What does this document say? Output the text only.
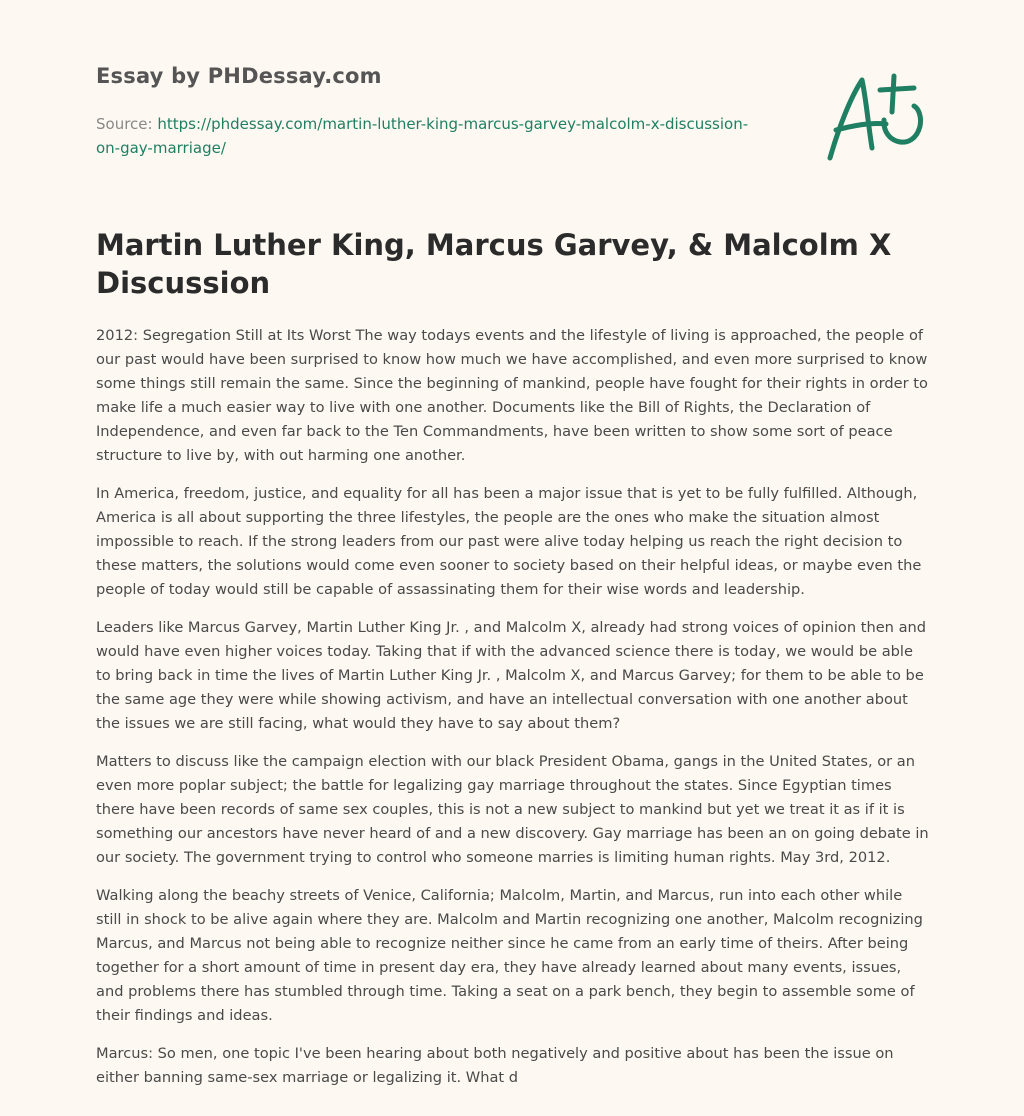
Essay by PHDessay.com
Source: https://phdessay.com/martin-luther-king-marcus-garvey-malcolm-x-discussion-
on-gay-marriage/
Martin Luther King, Marcus Garvey, & Malcolm X Discussion

2012: Segregation Still at Its Worst The way todays events and the lifestyle of living is approached, the people of our past would have been surprised to know how much we have accomplished, and even more surprised to know some things still remain the same. Since the beginning of mankind, people have fought for their rights in order to make life a much easier way to live with one another. Documents like the Bill of Rights, the Declaration of Independence, and even far back to the Ten Commandments, have been written to show some sort of peace structure to live by, with out harming one another.

In America, freedom, justice, and equality for all has been a major issue that is yet to be fully fulfilled. Although, America is all about supporting the three lifestyles, the people are the ones who make the situation almost impossible to reach. If the strong leaders from our past were alive today helping us reach the right decision to these matters, the solutions would come even sooner to society based on their helpful ideas, or maybe even the people of today would still be capable of assassinating them for their wise words and leadership.

Leaders like Marcus Garvey, Martin Luther King Jr. , and Malcolm X, already had strong voices of opinion then and would have even higher voices today. Taking that if with the advanced science there is today, we would be able to bring back in time the lives of Martin Luther King Jr. , Malcolm X, and Marcus Garvey; for them to be able to be the same age they were while showing activism, and have an intellectual conversation with one another about the issues we are still facing, what would they have to say about them?

Matters to discuss like the campaign election with our black President Obama, gangs in the United States, or an even more poplar subject; the battle for legalizing gay marriage throughout the states. Since Egyptian times there have been records of same sex couples, this is not a new subject to mankind but yet we treat it as if it is something our ancestors have never heard of and a new discovery. Gay marriage has been an on going debate in our society. The government trying to control who someone marries is limiting human rights. May 3rd, 2012.

Walking along the beachy streets of Venice, California; Malcolm, Martin, and Marcus, run into each other while still in shock to be alive again where they are. Malcolm and Martin recognizing one another, Malcolm recognizing Marcus, and Marcus not being able to recognize neither since he came from an early time of theirs. After being together for a short amount of time in present day era, they have already learned about many events, issues, and problems there has stumbled through time. Taking a seat on a park bench, they begin to assemble some of their findings and ideas.

Marcus: So men, one topic I've been hearing about both negatively and positive about has been the issue on either banning same-sex marriage or legalizing it. What d
